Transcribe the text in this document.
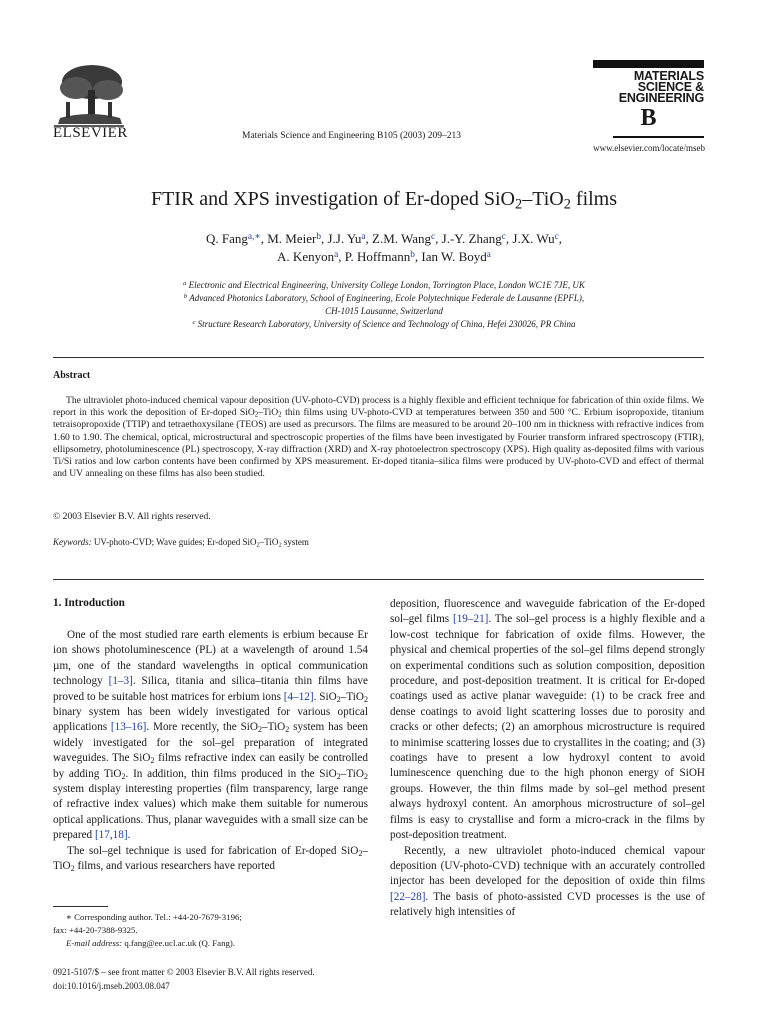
ELSEVIER	Materials Science and Engineering B105 (2003) 209–213
MATERIALS
SCIENCE &
ENGINEERING
B
www.elsevier.com/locate/mseb
FTIR and XPS investigation of Er-doped SiO$_2$–TiO$_2$ films
Q. Fang$^{a,∗}$, M. Meier$^b$, J.J. Yu$^a$, Z.M. Wang$^c$, J.-Y. Zhang$^c$, J.X. Wu$^c$,
A. Kenyon$^a$, P. Hoffmann$^b$, Ian W. Boyd$^a$
$^a$ Electronic and Electrical Engineering, University College London, Torrington Place, London WC1E 7JE, UK
$^b$ Advanced Photonics Laboratory, School of Engineering, Ecole Polytechnique Federale de Lausanne (EPFL),
CH-1015 Lausanne, Switzerland
$^c$ Structure Research Laboratory, University of Science and Technology of China, Hefei 230026, PR China
Abstract
The ultraviolet photo-induced chemical vapour deposition (UV-photo-CVD) process is a highly flexible and efficient technique for fabrication of thin oxide films. We report in this work the deposition of Er-doped SiO$_2$–TiO$_2$ thin films using UV-photo-CVD at temperatures between 350 and 500 °C. Erbium isopropoxide, titanium tetraisopropoxide (TTIP) and tetraethoxysilane (TEOS) are used as precursors. The films are measured to be around 20–100 nm in thickness with refractive indices from 1.60 to 1.90. The chemical, optical, microstructural and spectroscopic properties of the films have been investigated by Fourier transform infrared spectroscopy (FTIR), ellipsometry, photoluminescence (PL) spectroscopy, X-ray diffraction (XRD) and X-ray photoelectron spectroscopy (XPS). High quality as-deposited films with various Ti/Si ratios and low carbon contents have been confirmed by XPS measurement. Er-doped titania–silica films were produced by UV-photo-CVD and effect of thermal and UV annealing on these films has also been studied.
© 2003 Elsevier B.V. All rights reserved.
Keywords: UV-photo-CVD; Wave guides; Er-doped SiO$_2$–TiO$_2$ system
1. Introduction

One of the most studied rare earth elements is erbium because Er ion shows photoluminescence (PL) at a wavelength of around 1.54 µm, one of the standard wavelengths in optical communication technology [1–3]. Silica, titania and silica–titania thin films have proved to be suitable host matrices for erbium ions [4–12]. SiO$_2$–TiO$_2$ binary system has been widely investigated for various optical applications [13–16]. More recently, the SiO$_2$–TiO$_2$ system has been widely investigated for the sol–gel preparation of integrated waveguides. The SiO$_2$ films refractive index can easily be controlled by adding TiO$_2$. In addition, thin films produced in the SiO$_2$–TiO$_2$ system display interesting properties (film transparency, large range of refractive index values) which make them suitable for numerous optical applications. Thus, planar waveguides with a small size can be prepared [17,18].

The sol–gel technique is used for fabrication of Er-doped SiO$_2$–TiO$_2$ films, and various researchers have reported

deposition, fluorescence and waveguide fabrication of the Er-doped sol–gel films [19–21]. The sol–gel process is a highly flexible and a low-cost technique for fabrication of oxide films. However, the physical and chemical properties of the sol–gel films depend strongly on experimental conditions such as solution composition, deposition procedure, and post-deposition treatment. It is critical for Er-doped coatings used as active planar waveguide: (1) to be crack free and dense coatings to avoid light scattering losses due to porosity and cracks or other defects; (2) an amorphous microstructure is required to minimise scattering losses due to crystallites in the coating; and (3) coatings have to present a low hydroxyl content to avoid luminescence quenching due to the high phonon energy of SiOH groups. However, the thin films made by sol–gel method present always hydroxyl content. An amorphous microstructure of sol–gel films is easy to crystallise and form a micro-crack in the films by post-deposition treatment.

Recently, a new ultraviolet photo-induced chemical vapour deposition (UV-photo-CVD) technique with an accurately controlled injector has been developed for the deposition of oxide thin films [22–28]. The basis of photo-assisted CVD processes is the use of relatively high intensities of

∗ Corresponding author. Tel.: +44-20-7679-3196;
fax: +44-20-7388-9325.
E-mail address: q.fang@ee.ucl.ac.uk (Q. Fang).
0921-5107/$ – see front matter © 2003 Elsevier B.V. All rights reserved.
doi:10.1016/j.mseb.2003.08.047
